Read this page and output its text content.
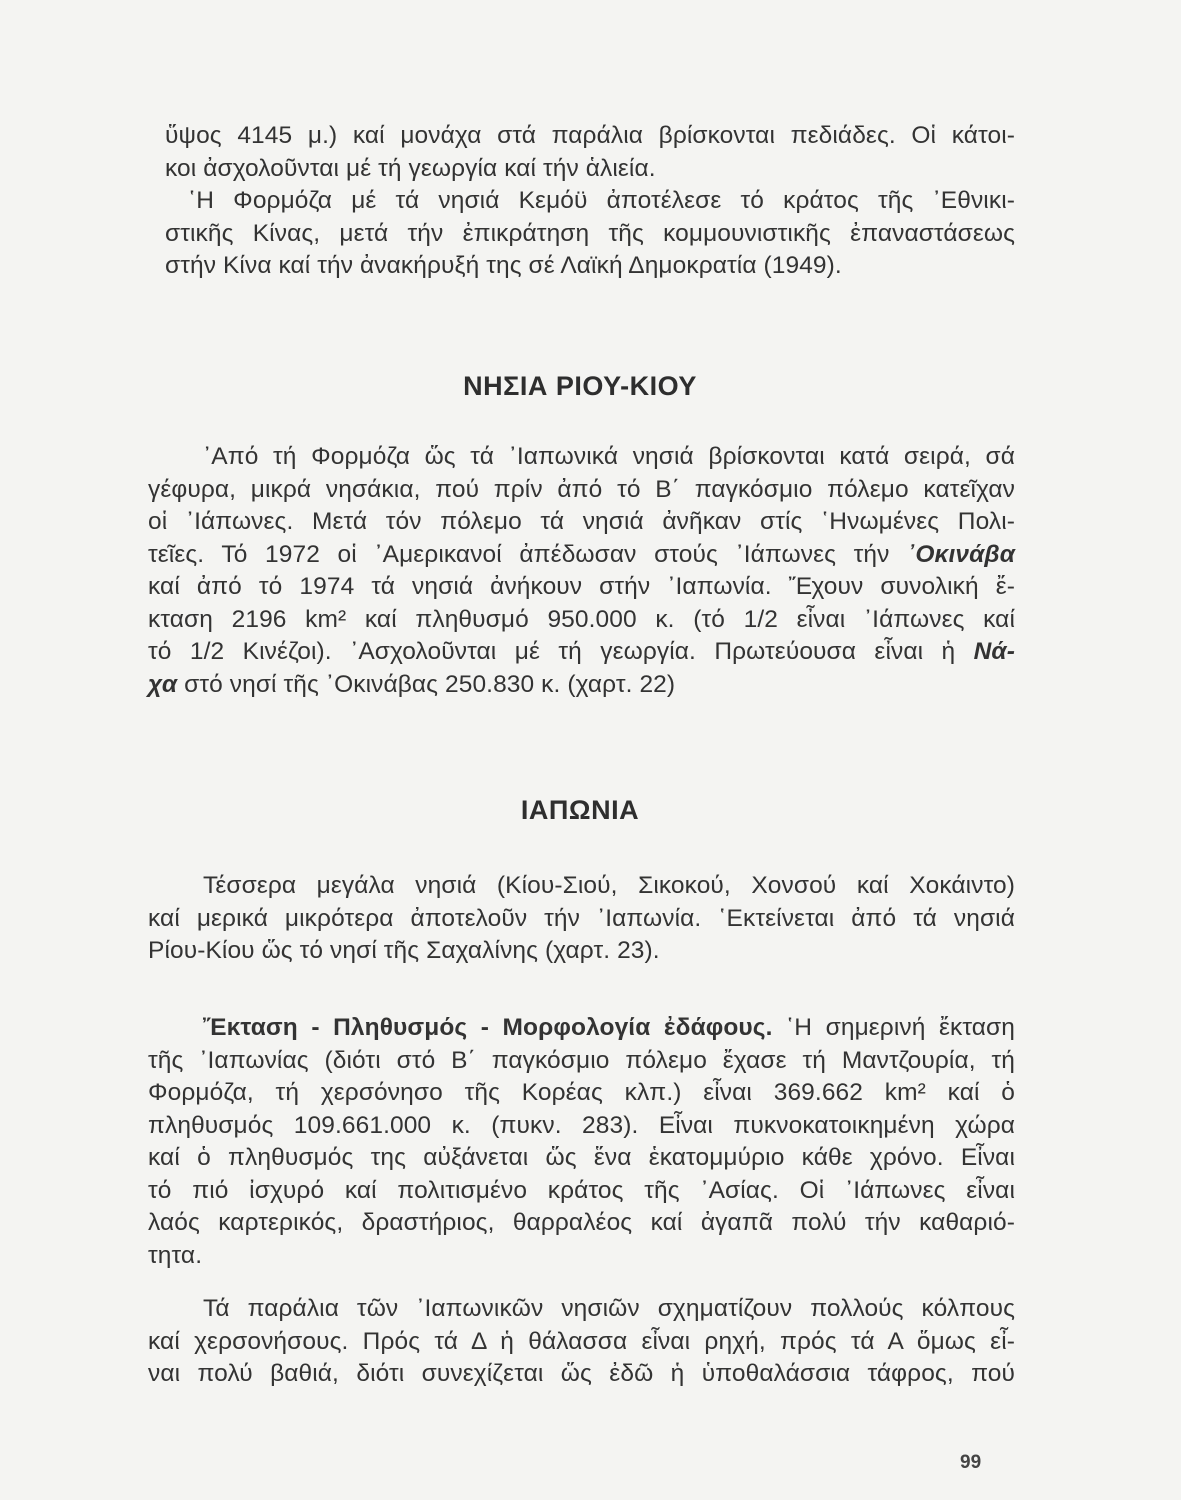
ὕψος 4145 μ.) καί μονάχα στά παράλια βρίσκονται πεδιάδες. Οἱ κάτοι-
κοι ἀσχολοῦνται μέ τή γεωργία καί τήν ἁλιεία.
῾Η Φορμόζα μέ τά νησιά Κεμόϋ ἀποτέλεσε τό κράτος τῆς ᾽Εθνικι-
στικῆς Κίνας, μετά τήν ἐπικράτηση τῆς κομμουνιστικῆς ἐπαναστάσεως
στήν Κίνα καί τήν ἀνακήρυξή της σέ Λαϊκή Δημοκρατία (1949).
ΝΗΣΙΑ ΡΙΟΥ-ΚΙΟΥ
᾽Από τή Φορμόζα ὥς τά ᾽Ιαπωνικά νησιά βρίσκονται κατά σειρά, σά
γέφυρα, μικρά νησάκια, πού πρίν ἀπό τό Β΄ παγκόσμιο πόλεμο κατεῖχαν
οἱ ᾽Ιάπωνες. Μετά τόν πόλεμο τά νησιά ἀνῆκαν στίς ῾Ηνωμένες Πολι-
τεῖες. Τό 1972 οἱ ᾽Αμερικανοί ἀπέδωσαν στούς ᾽Ιάπωνες τήν ᾽Οκινάβα
καί ἀπό τό 1974 τά νησιά ἀνήκουν στήν ᾽Ιαπωνία. Ἔχουν συνολική ἔ-
κταση 2196 km² καί πληθυσμό 950.000 κ. (τό 1/2 εἶναι ᾽Ιάπωνες καί
τό 1/2 Κινέζοι). ᾽Ασχολοῦνται μέ τή γεωργία. Πρωτεύουσα εἶναι ἡ Νά-
χα στό νησί τῆς ᾽Οκινάβας 250.830 κ. (χαρτ. 22)
ΙΑΠΩΝΙΑ
Τέσσερα μεγάλα νησιά (Κίου-Σιού, Σικοκού, Χονσού καί Χοκάιντο)
καί μερικά μικρότερα ἀποτελοῦν τήν ᾽Ιαπωνία. ῾Εκτείνεται ἀπό τά νησιά
Ρίου-Κίου ὥς τό νησί τῆς Σαχαλίνης (χαρτ. 23).
Ἔκταση - Πληθυσμός - Μορφολογία ἐδάφους. ῾Η σημερινή ἔκταση
τῆς ᾽Ιαπωνίας (διότι στό Β΄ παγκόσμιο πόλεμο ἔχασε τή Μαντζουρία, τή
Φορμόζα, τή χερσόνησο τῆς Κορέας κλπ.) εἶναι 369.662 km² καί ὁ
πληθυσμός 109.661.000 κ. (πυκν. 283). Εἶναι πυκνοκατοικημένη χώρα
καί ὁ πληθυσμός της αὐξάνεται ὥς ἕνα ἑκατομμύριο κάθε χρόνο. Εἶναι
τό πιό ἰσχυρό καί πολιτισμένο κράτος τῆς ᾽Ασίας. Οἱ ᾽Ιάπωνες εἶναι
λαός καρτερικός, δραστήριος, θαρραλέος καί ἀγαπᾶ πολύ τήν καθαριό-
τητα.
Τά παράλια τῶν ᾽Ιαπωνικῶν νησιῶν σχηματίζουν πολλούς κόλπους
καί χερσονήσους. Πρός τά Δ ἡ θάλασσα εἶναι ρηχή, πρός τά Α ὅμως εἶ-
ναι πολύ βαθιά, διότι συνεχίζεται ὥς ἐδῶ ἡ ὑποθαλάσσια τάφρος, πού
99
